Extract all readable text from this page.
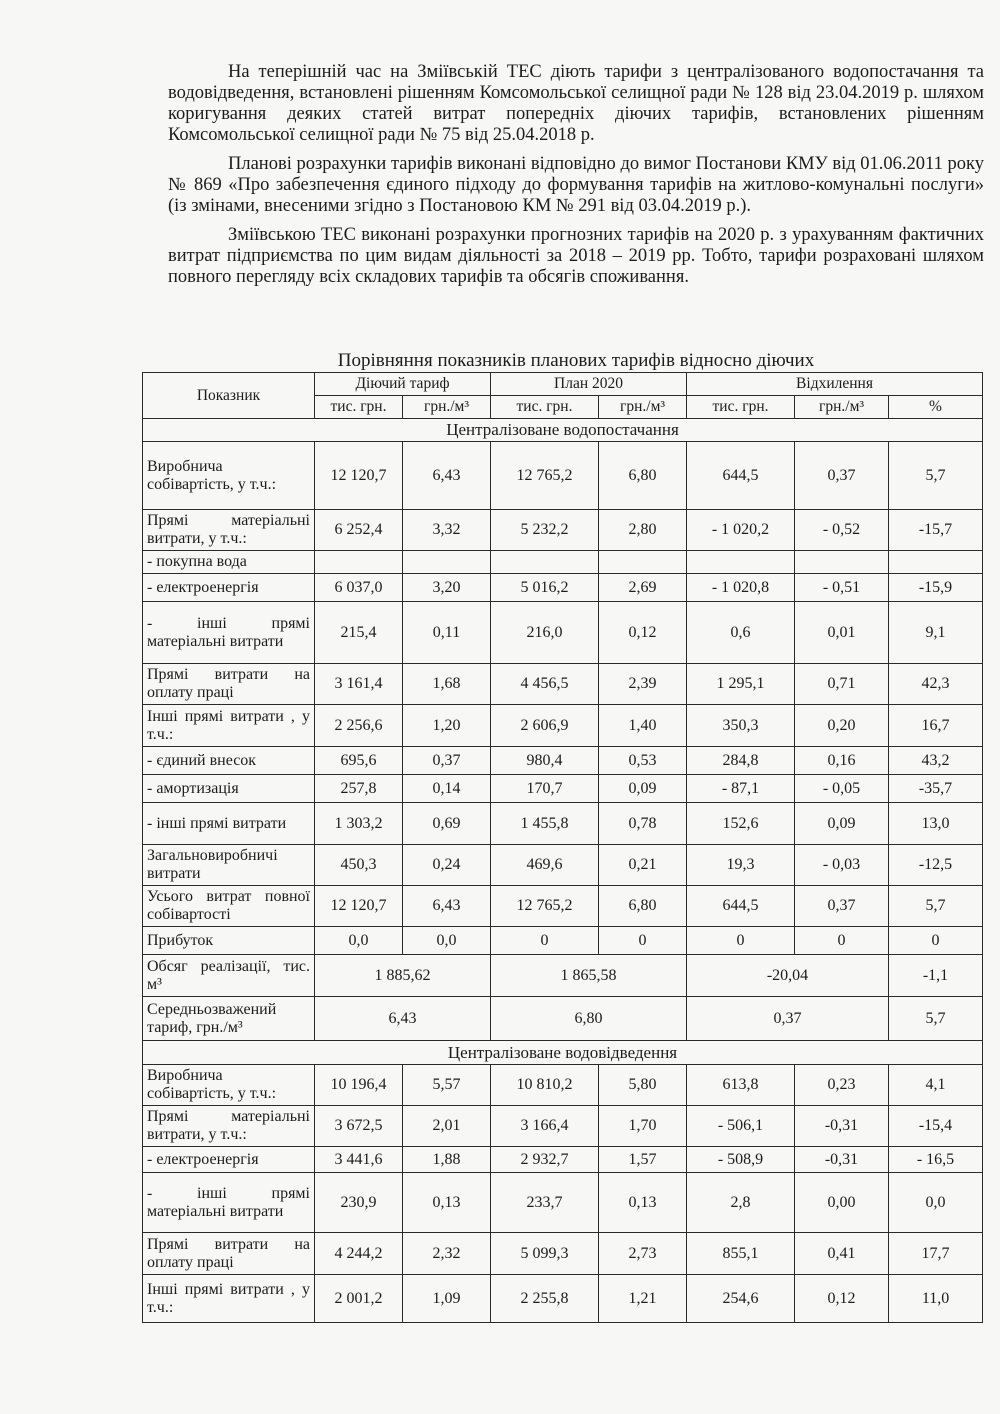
На теперішній час на Зміївській ТЕС діють тарифи з централізованого водопостачання та водовідведення, встановлені рішенням Комсомольської селищної ради № 128 від 23.04.2019 р. шляхом коригування деяких статей витрат попередніх діючих тарифів, встановлених рішенням Комсомольської селищної ради № 75 від 25.04.2018 р.

Планові розрахунки тарифів виконані відповідно до вимог Постанови КМУ від 01.06.2011 року № 869 «Про забезпечення єдиного підходу до формування тарифів на житлово-комунальні послуги» (із змінами, внесеними згідно з Постановою КМ № 291 від 03.04.2019 р.).

Зміївською ТЕС виконані розрахунки прогнозних тарифів на 2020 р. з урахуванням фактичних витрат підприємства по цим видам діяльності за 2018 – 2019 рр. Тобто, тарифи розраховані шляхом повного перегляду всіх складових тарифів та обсягів споживання.

Порівняння показників планових тарифів відносно діючих
Показник	Діючий тариф		План 2020		Відхилення		
	тис. грн.	грн./м³	тис. грн.	грн./м³	тис. грн.	грн./м³	%
Централізоване водопостачання							
Виробнича собівартість, у т.ч.:	12 120,7	6,43	12 765,2	6,80	644,5	0,37	5,7
Прямі матеріальні витрати, у т.ч.:	6 252,4	3,32	5 232,2	2,80	- 1 020,2	- 0,52	-15,7
- покупна вода							
- електроенергія	6 037,0	3,20	5 016,2	2,69	- 1 020,8	- 0,51	-15,9
- інші прямі матеріальні витрати	215,4	0,11	216,0	0,12	0,6	0,01	9,1
Прямі витрати на оплату праці	3 161,4	1,68	4 456,5	2,39	1 295,1	0,71	42,3
Інші прямі витрати , у т.ч.:	2 256,6	1,20	2 606,9	1,40	350,3	0,20	16,7
- єдиний внесок	695,6	0,37	980,4	0,53	284,8	0,16	43,2
- амортизація	257,8	0,14	170,7	0,09	- 87,1	- 0,05	-35,7
- інші прямі витрати	1 303,2	0,69	1 455,8	0,78	152,6	0,09	13,0
Загальновиробничі витрати	450,3	0,24	469,6	0,21	19,3	- 0,03	-12,5
Усього витрат повної собівартості	12 120,7	6,43	12 765,2	6,80	644,5	0,37	5,7
Прибуток	0,0	0,0	0	0	0	0	0
Обсяг реалізації, тис. м³	1 885,62		1 865,58		-20,04		-1,1
Середньозважений тариф, грн./м³	6,43		6,80		0,37		5,7
Централізоване водовідведення							
Виробнича собівартість, у т.ч.:	10 196,4	5,57	10 810,2	5,80	613,8	0,23	4,1
Прямі матеріальні витрати, у т.ч.:	3 672,5	2,01	3 166,4	1,70	- 506,1	-0,31	-15,4
- електроенергія	3 441,6	1,88	2 932,7	1,57	- 508,9	-0,31	- 16,5
- інші прямі матеріальні витрати	230,9	0,13	233,7	0,13	2,8	0,00	0,0
Прямі витрати на оплату праці	4 244,2	2,32	5 099,3	2,73	855,1	0,41	17,7
Інші прямі витрати , у т.ч.:	2 001,2	1,09	2 255,8	1,21	254,6	0,12	11,0
